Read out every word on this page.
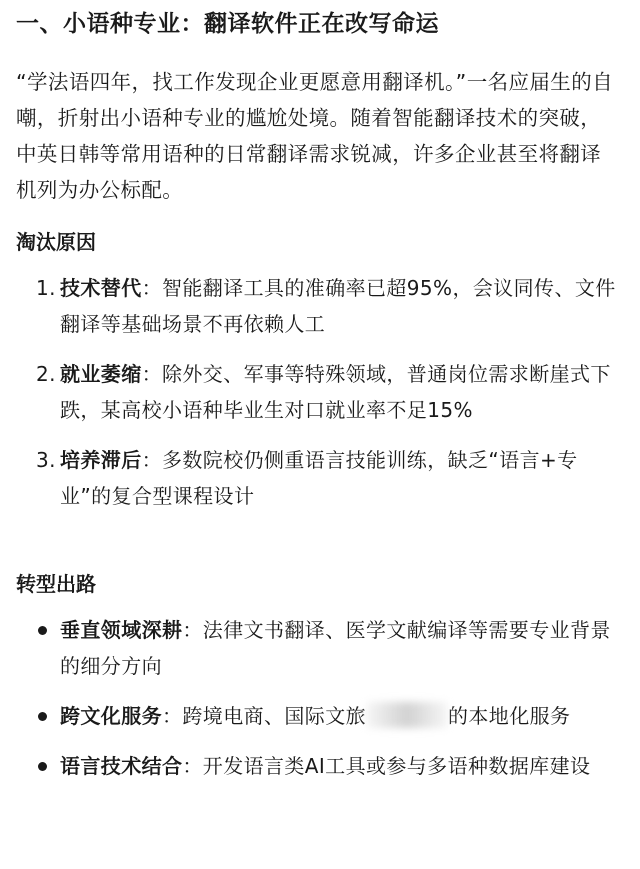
一、小语种专业：翻译软件正在改写命运

“学法语四年，找工作发现企业更愿意用翻译机。”一名应届生的自嘲，折射出小语种专业的尴尬处境。随着智能翻译技术的突破，中英日韩等常用语种的日常翻译需求锐减，许多企业甚至将翻译机列为办公标配。

淘汰原因
1. 技术替代：智能翻译工具的准确率已超95%，会议同传、文件翻译等基础场景不再依赖人工
2. 就业萎缩：除外交、军事等特殊领域，普通岗位需求断崖式下跌，某高校小语种毕业生对口就业率不足15%
3. 培养滞后：多数院校仍侧重语言技能训练，缺乏“语言+专业”的复合型课程设计
转型出路
垂直领域深耕：法律文书翻译、医学文献编译等需要专业背景的细分方向
跨文化服务：跨境电商、国际文旅	的本地化服务
语言技术结合：开发语言类AI工具或参与多语种数据库建设
